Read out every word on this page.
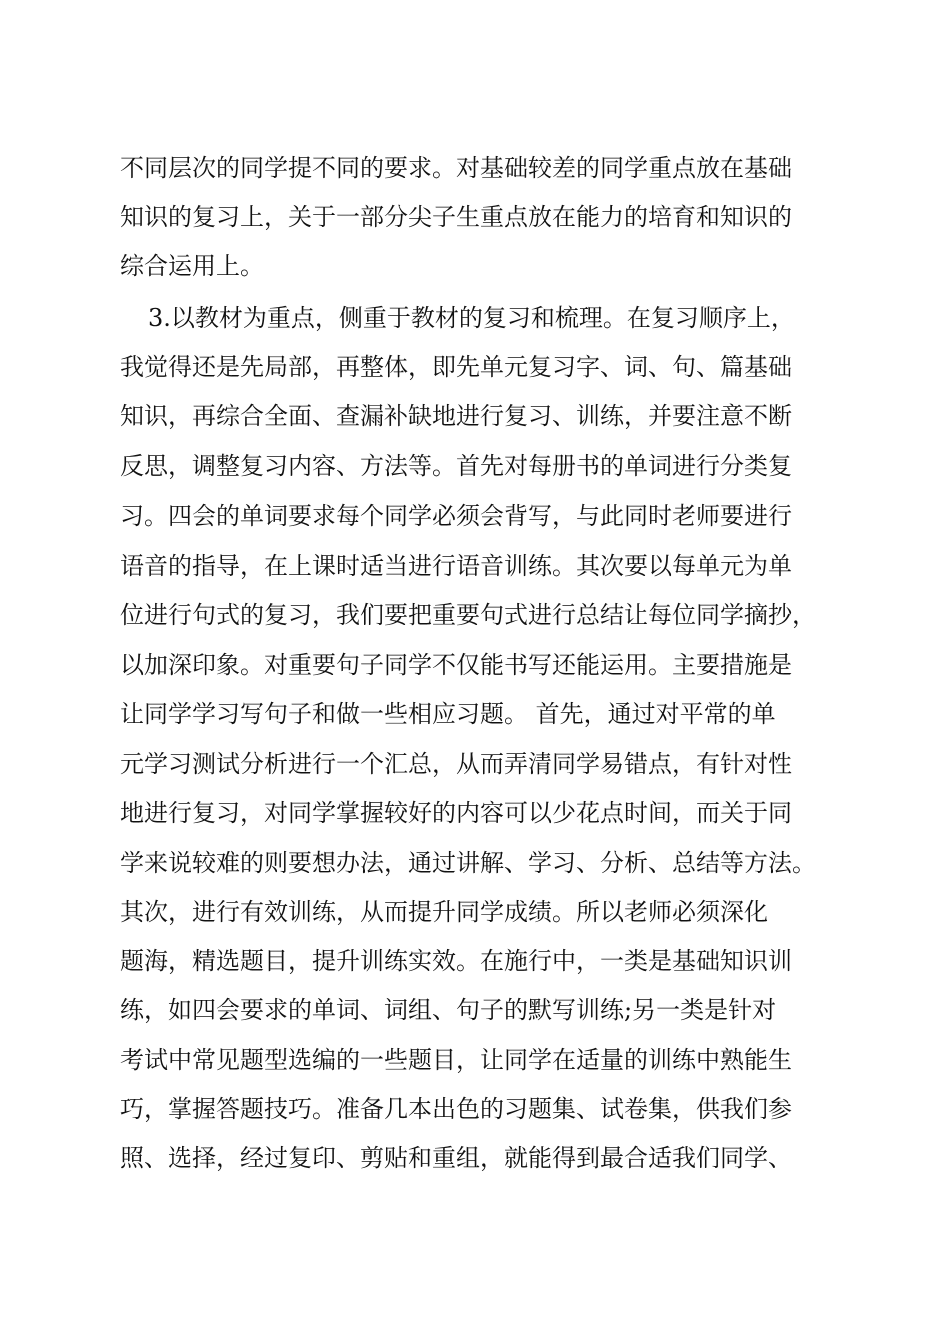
不同层次的同学提不同的要求。对基础较差的同学重点放在基础
知识的复习上，关于一部分尖子生重点放在能力的培育和知识的
综合运用上。
3.以教材为重点，侧重于教材的复习和梳理。在复习顺序上，
我觉得还是先局部，再整体，即先单元复习字、词、句、篇基础
知识，再综合全面、查漏补缺地进行复习、训练，并要注意不断
反思，调整复习内容、方法等。首先对每册书的单词进行分类复
习。四会的单词要求每个同学必须会背写，与此同时老师要进行
语音的指导，在上课时适当进行语音训练。其次要以每单元为单
位进行句式的复习，我们要把重要句式进行总结让每位同学摘抄，
以加深印象。对重要句子同学不仅能书写还能运用。主要措施是
让同学学习写句子和做一些相应习题。 首先，通过对平常的单
元学习测试分析进行一个汇总，从而弄清同学易错点，有针对性
地进行复习，对同学掌握较好的内容可以少花点时间，而关于同
学来说较难的则要想办法，通过讲解、学习、分析、总结等方法。
其次，进行有效训练，从而提升同学成绩。所以老师必须深化
题海，精选题目，提升训练实效。在施行中，一类是基础知识训
练，如四会要求的单词、词组、句子的默写训练;另一类是针对
考试中常见题型选编的一些题目，让同学在适量的训练中熟能生
巧，掌握答题技巧。准备几本出色的习题集、试卷集，供我们参
照、选择，经过复印、剪贴和重组，就能得到最合适我们同学、
